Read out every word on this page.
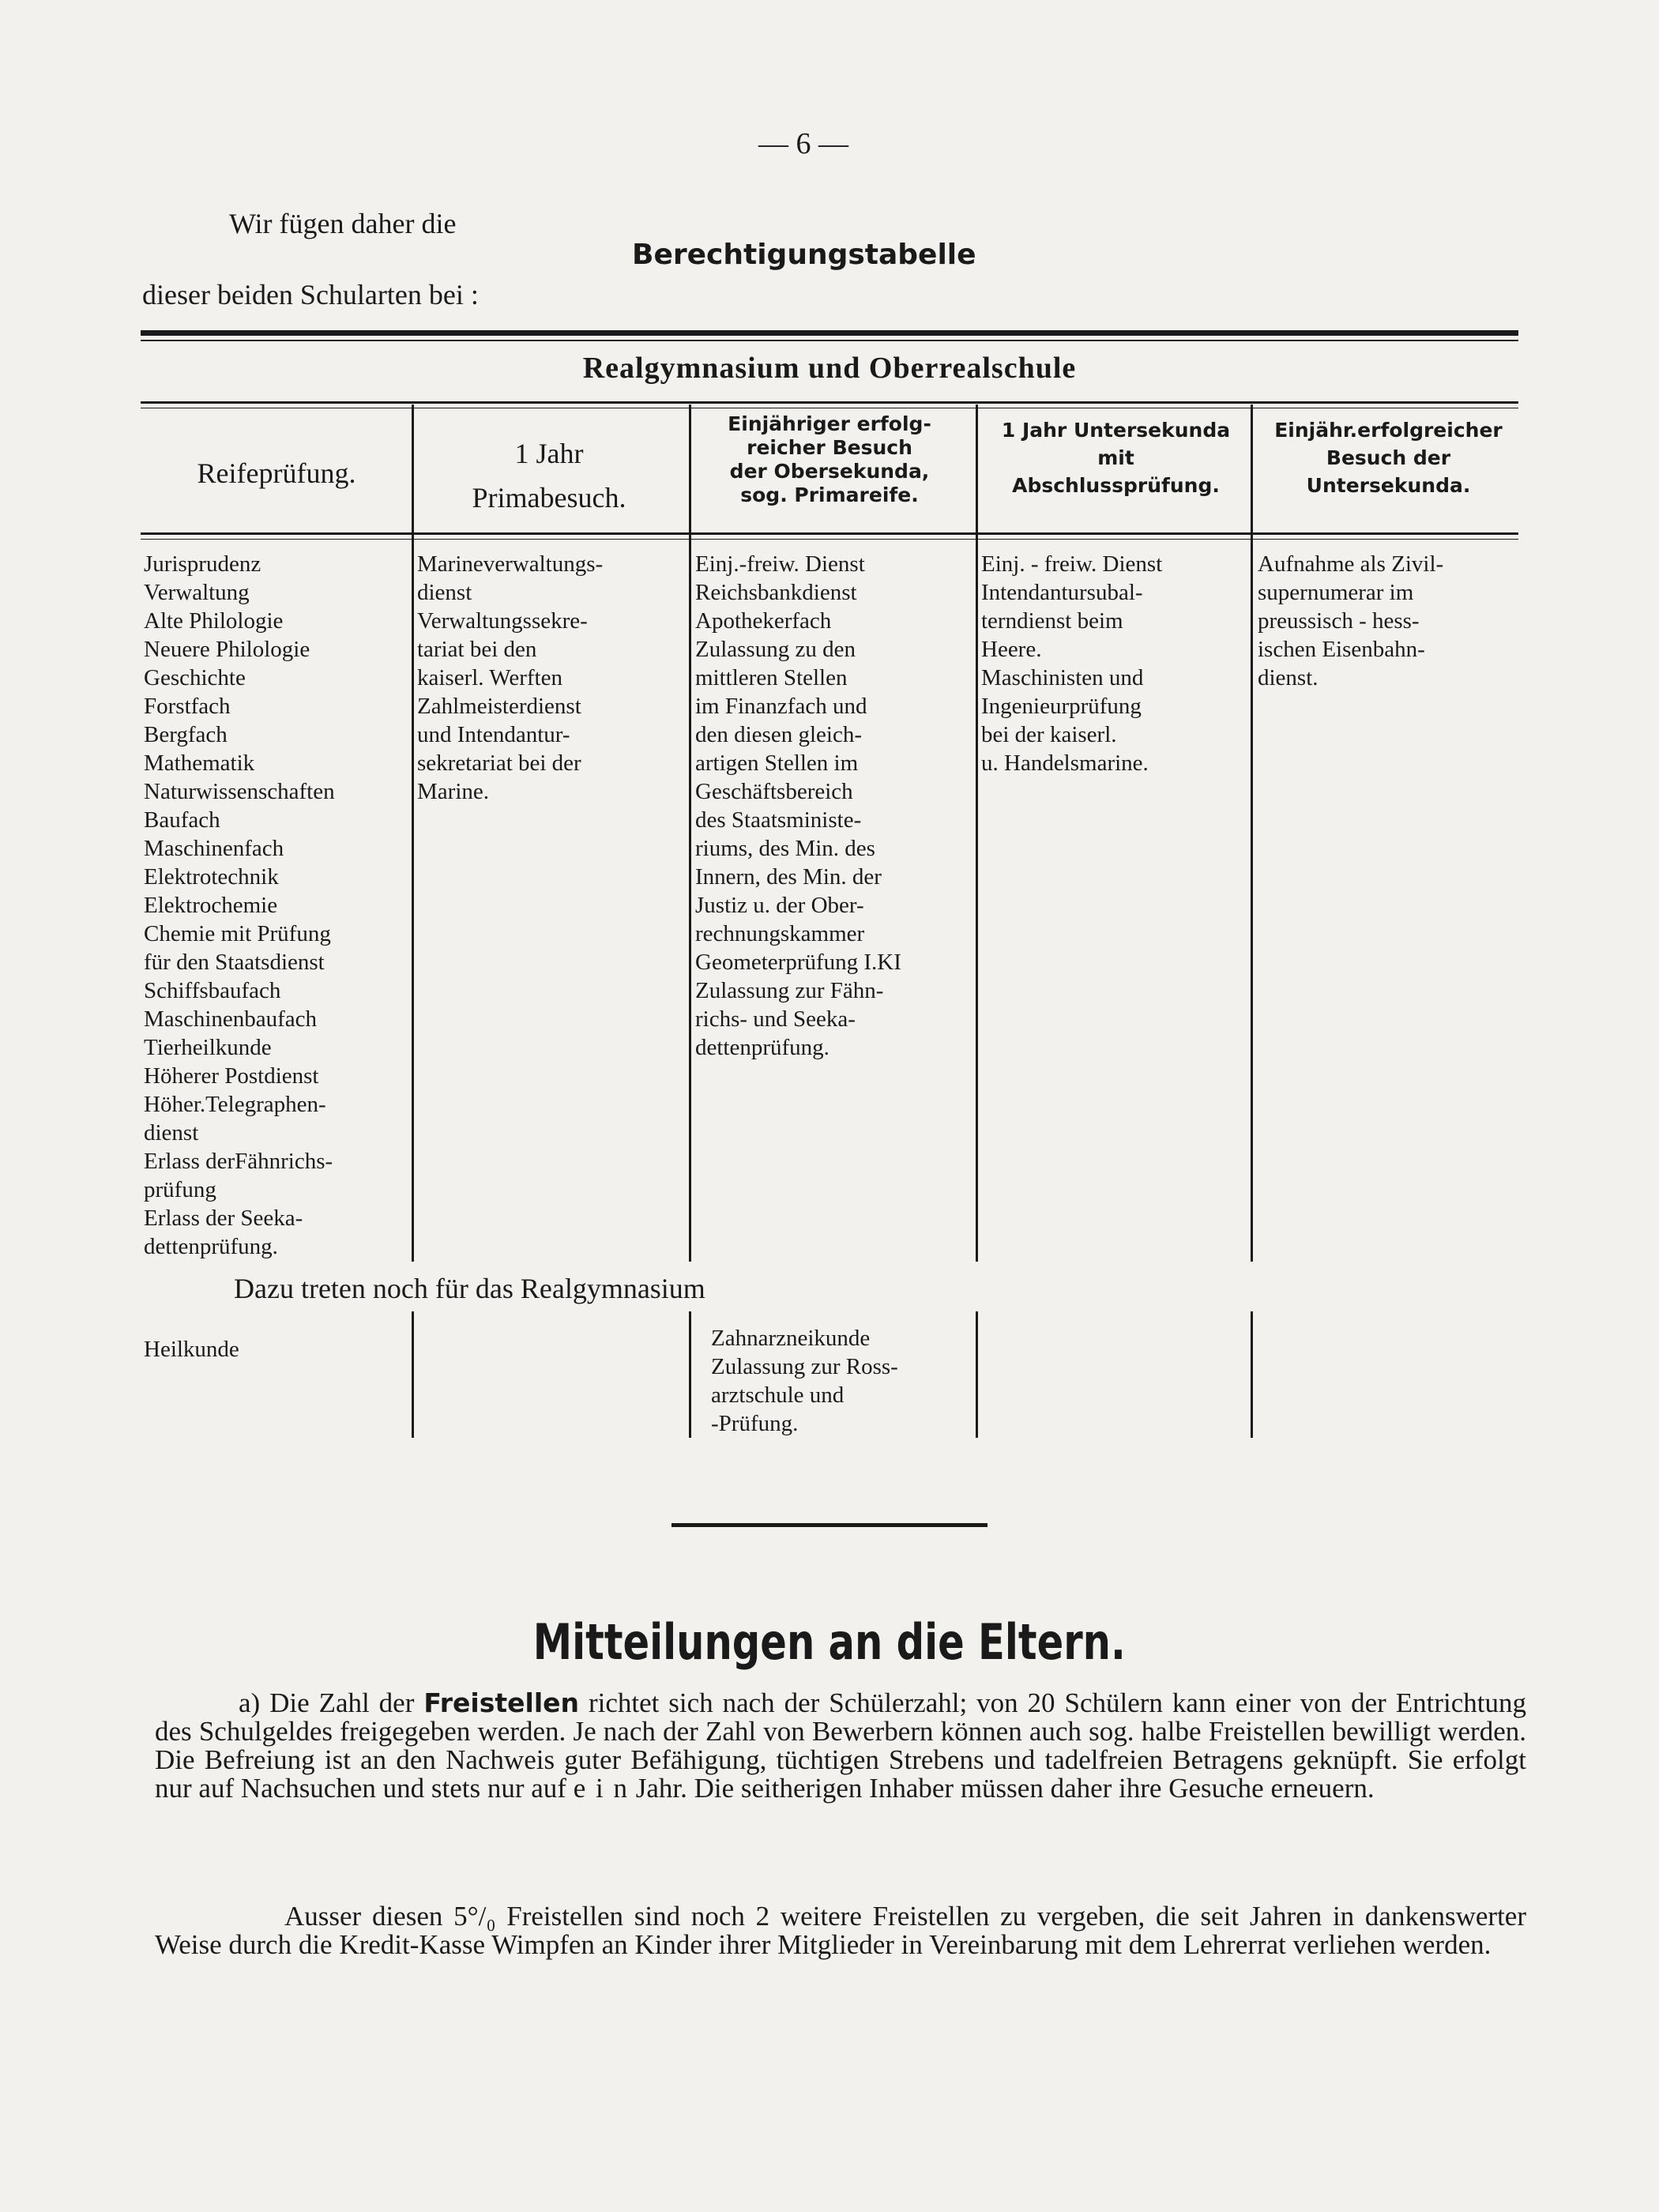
— 6 —
Wir fügen daher die
Berechtigungstabelle
dieser beiden Schularten bei :
Realgymnasium und Oberrealschule
Reifeprüfung.
1 Jahr
Primabesuch.
Einjähriger erfolg-
reicher Besuch
der Obersekunda,
sog. Primareife.
1 Jahr Untersekunda
mit
Abschlussprüfung.
Einjähr.erfolgreicher
Besuch der
Untersekunda.
Jurisprudenz
Verwaltung
Alte Philologie
Neuere Philologie
Geschichte
Forstfach
Bergfach
Mathematik
Naturwissenschaften
Baufach
Maschinenfach
Elektrotechnik
Elektrochemie
Chemie mit Prüfung
für den Staatsdienst
Schiffsbaufach
Maschinenbaufach
Tierheilkunde
Höherer Postdienst
Höher.Telegraphen-
dienst
Erlass derFähnrichs-
prüfung
Erlass der Seeka-
dettenprüfung.
Marineverwaltungs-
dienst
Verwaltungssekre-
tariat bei den
kaiserl. Werften
Zahlmeisterdienst
und Intendantur-
sekretariat bei der
Marine.
Einj.-freiw. Dienst
Reichsbankdienst
Apothekerfach
Zulassung zu den
mittleren Stellen
im Finanzfach und
den diesen gleich-
artigen Stellen im
Geschäftsbereich
des Staatsministe-
riums, des Min. des
Innern, des Min. der
Justiz u. der Ober-
rechnungskammer
Geometerprüfung I.KI
Zulassung zur Fähn-
richs- und Seeka-
dettenprüfung.
Einj. - freiw. Dienst
Intendantursubal-
terndienst beim
Heere.
Maschinisten und
Ingenieurprüfung
bei der kaiserl.
u. Handelsmarine.
Aufnahme als Zivil-
supernumerar im
preussisch - hess-
ischen Eisenbahn-
dienst.
Dazu treten noch für das Realgymnasium
Heilkunde	Zahnarzneikunde
Zulassung zur Ross-
arztschule und
-Prüfung.
Mitteilungen an die Eltern.
a) Die Zahl der Freistellen richtet sich nach der Schülerzahl; von 20 Schülern kann einer von der Entrichtung des Schulgeldes freigegeben werden. Je nach der Zahl von Bewerbern können auch sog. halbe Freistellen bewilligt werden. Die Befreiung ist an den Nachweis guter Befähigung, tüchtigen Strebens und tadelfreien Betragens geknüpft. Sie erfolgt nur auf Nachsuchen und stets nur auf e i n Jahr. Die seitherigen Inhaber müssen daher ihre Gesuche erneuern.
Ausser diesen 5°/₀ Freistellen sind noch 2 weitere Freistellen zu vergeben, die seit Jahren in dankenswerter Weise durch die Kredit-Kasse Wimpfen an Kinder ihrer Mitglieder in Vereinbarung mit dem Lehrerrat verliehen werden.
